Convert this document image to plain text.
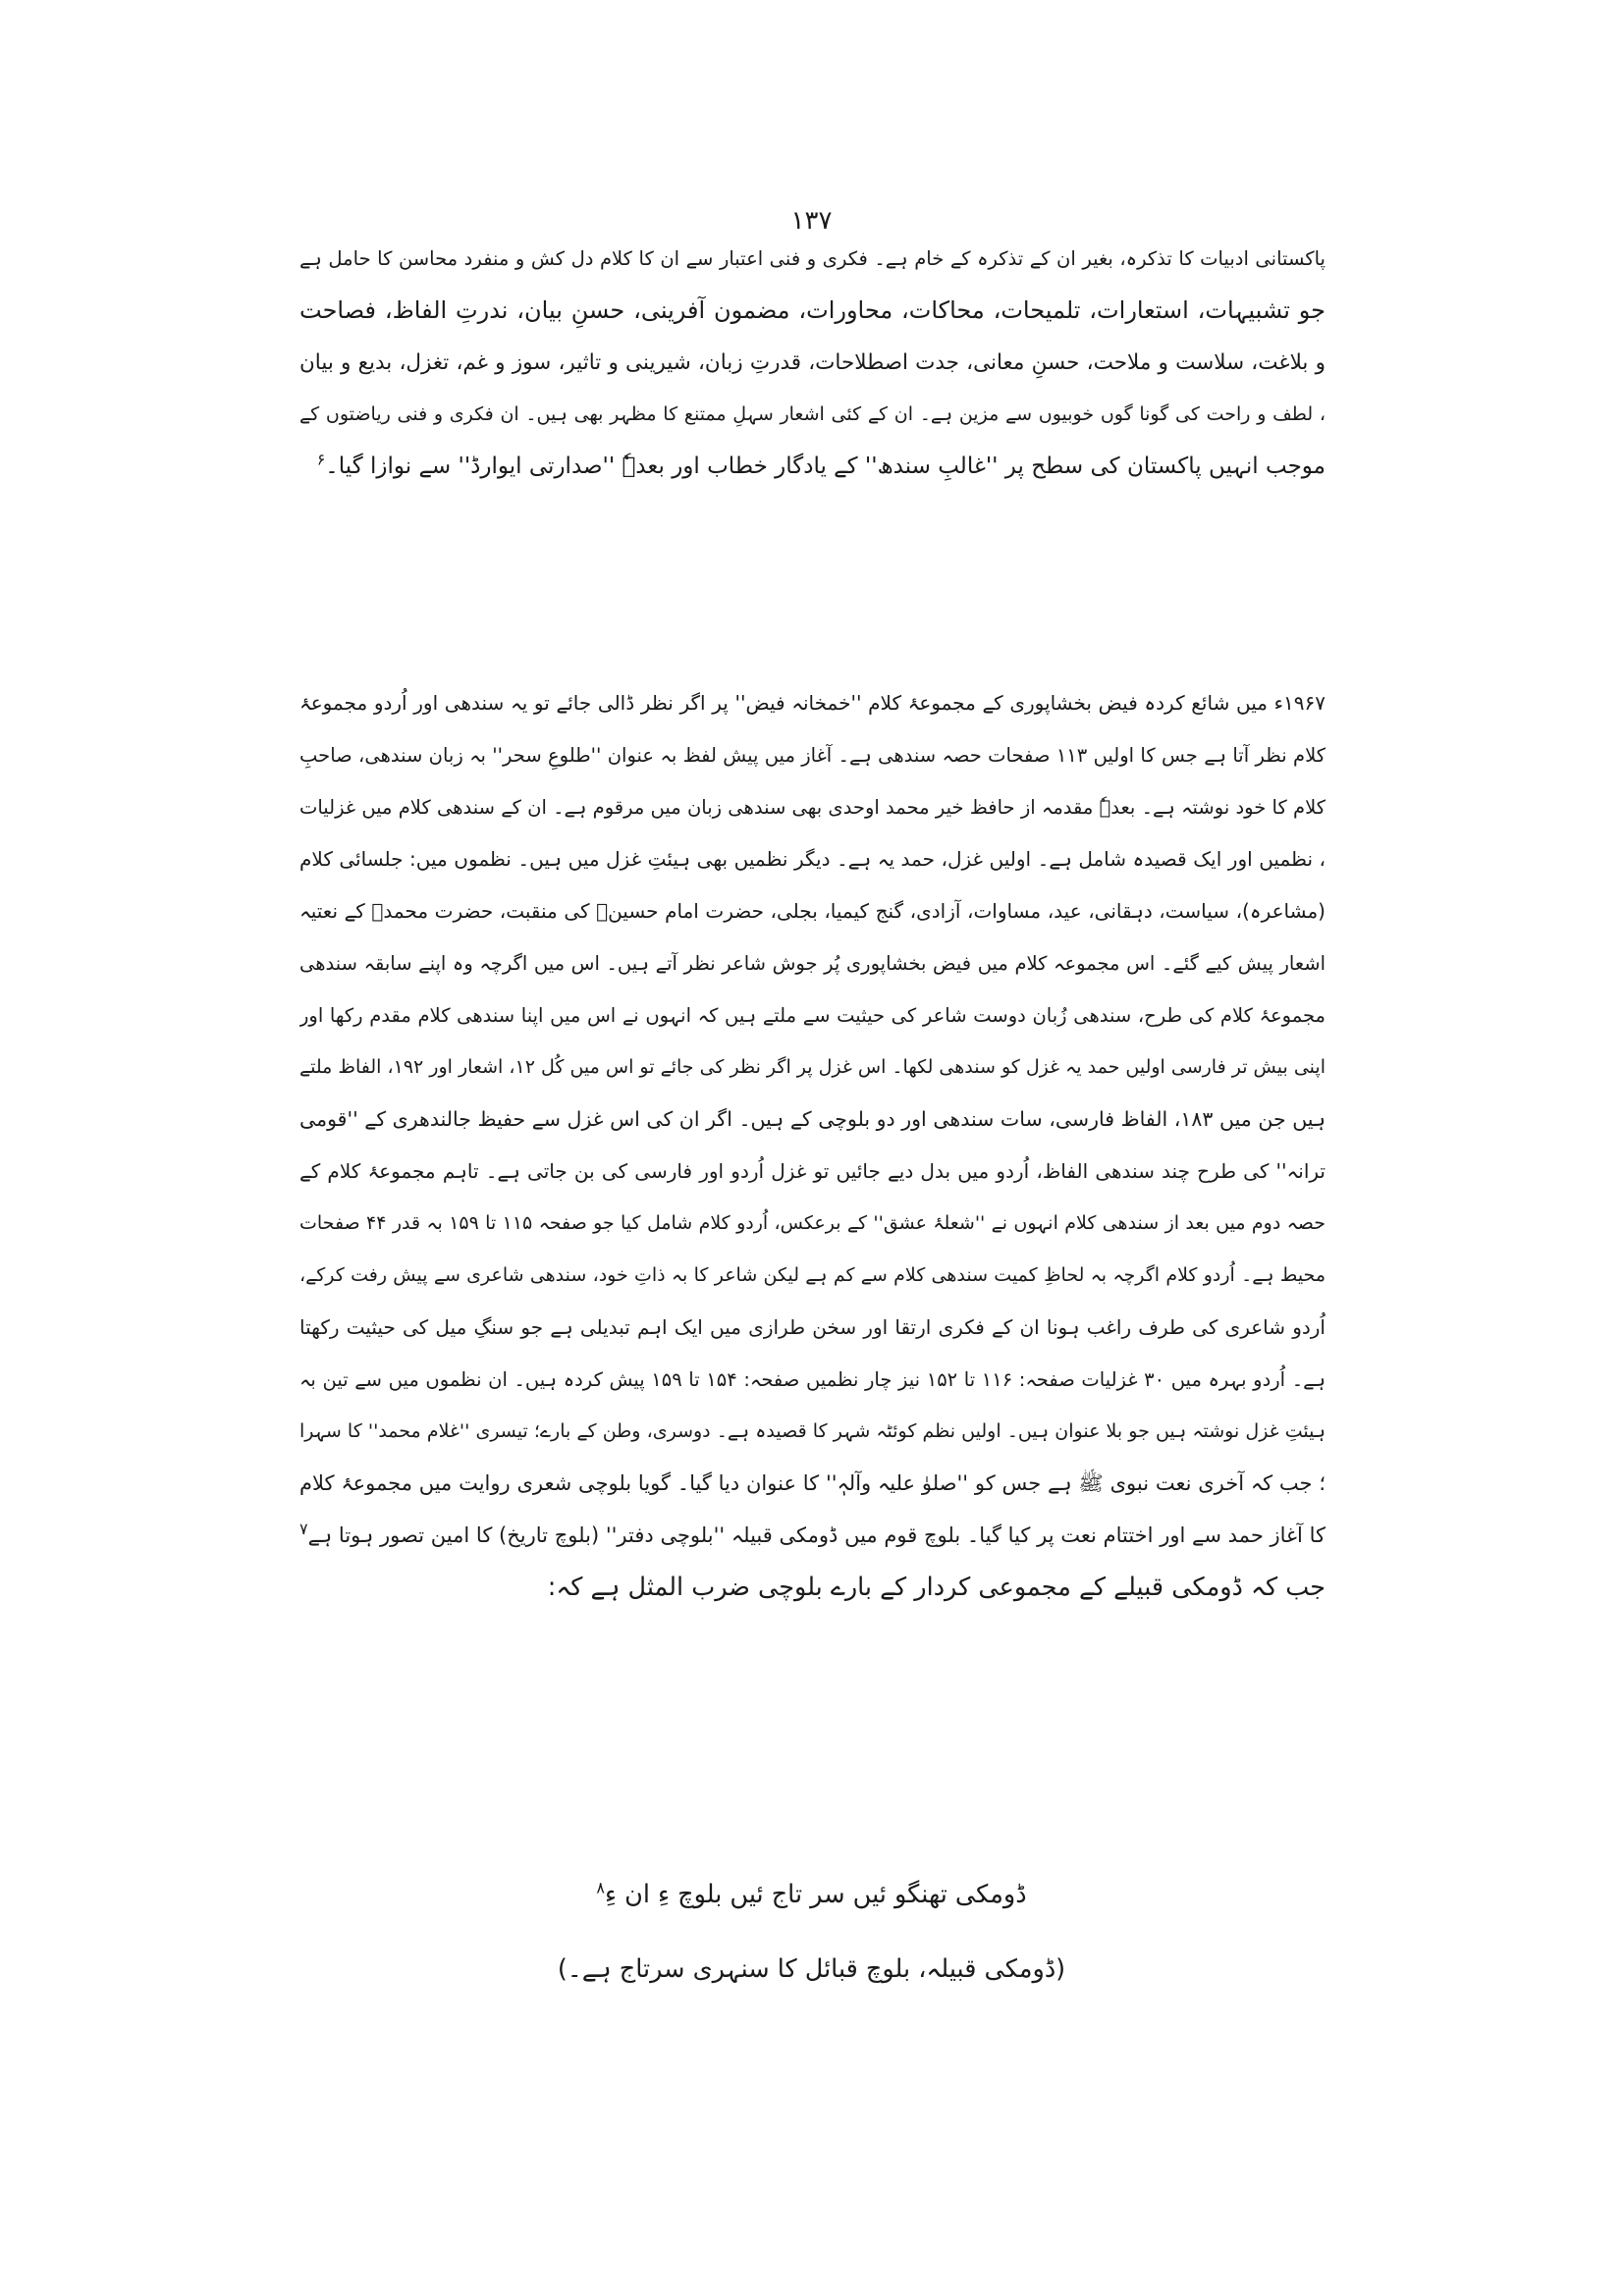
۱۳۷
پاکستانی ادبیات کا تذکرہ، بغیر ان کے تذکرہ کے خام ہے۔ فکری و فنی اعتبار سے ان کا کلام دل کش و منفرد محاسن کا حامل ہے
جو تشبیہات، استعارات، تلمیحات، محاکات، محاورات، مضمون آفرینی، حسنِ بیان، ندرتِ الفاظ، فصاحت
و بلاغت، سلاست و ملاحت، حسنِ معانی، جدت اصطلاحات، قدرتِ زبان، شیرینی و تاثیر، سوز و غم، تغزل، بدیع و بیان
، لطف و راحت کی گونا گوں خوبیوں سے مزین ہے۔ ان کے کئی اشعار سہلِ ممتنع کا مظہر بھی ہیں۔ ان فکری و فنی ریاضتوں کے
موجب انہیں پاکستان کی سطح پر ''غالبِ سندھ'' کے یادگار خطاب اور بعدہٗ ''صدارتی ایوارڈ'' سے نوازا گیا۔$^۶$
۱۹۶۷ء میں شائع کردہ فیض بخشاپوری کے مجموعۂ کلام ''خمخانہ فیض'' پر اگر نظر ڈالی جائے تو یہ سندھی اور اُردو مجموعۂ
کلام نظر آتا ہے جس کا اولیں ۱۱۳ صفحات حصہ سندھی ہے۔ آغاز میں پیش لفظ بہ عنوان ''طلوعِ سحر'' بہ زبان سندھی، صاحبِ
کلام کا خود نوشتہ ہے۔ بعدہٗ مقدمہ از حافظ خیر محمد اوحدی بھی سندھی زبان میں مرقوم ہے۔ ان کے سندھی کلام میں غزلیات
، نظمیں اور ایک قصیدہ شامل ہے۔ اولیں غزل، حمد یہ ہے۔ دیگر نظمیں بھی ہیئتِ غزل میں ہیں۔ نظموں میں: جلسائی کلام
(مشاعرہ)، سیاست، دہقانی، عید، مساوات، آزادی، گنج کیمیا، بجلی، حضرت امام حسینؑ کی منقبت، حضرت محمدؐ کے نعتیہ
اشعار پیش کیے گئے۔ اس مجموعہ کلام میں فیض بخشاپوری پُر جوش شاعر نظر آتے ہیں۔ اس میں اگرچہ وہ اپنے سابقہ سندھی
مجموعۂ کلام کی طرح، سندھی زُبان دوست شاعر کی حیثیت سے ملتے ہیں کہ انہوں نے اس میں اپنا سندھی کلام مقدم رکھا اور
اپنی بیش تر فارسی اولیں حمد یہ غزل کو سندھی لکھا۔ اس غزل پر اگر نظر کی جائے تو اس میں کُل ۱۲، اشعار اور ۱۹۲، الفاظ ملتے
ہیں جن میں ۱۸۳، الفاظ فارسی، سات سندھی اور دو بلوچی کے ہیں۔ اگر ان کی اس غزل سے حفیظ جالندھری کے ''قومی
ترانہ'' کی طرح چند سندھی الفاظ، اُردو میں بدل دیے جائیں تو غزل اُردو اور فارسی کی بن جاتی ہے۔ تاہم مجموعۂ کلام کے
حصہ دوم میں بعد از سندھی کلام انہوں نے ''شعلۂ عشق'' کے برعکس، اُردو کلام شامل کیا جو صفحہ ۱۱۵ تا ۱۵۹ بہ قدر ۴۴ صفحات
محیط ہے۔ اُردو کلام اگرچہ بہ لحاظِ کمیت سندھی کلام سے کم ہے لیکن شاعر کا بہ ذاتِ خود، سندھی شاعری سے پیش رفت کرکے،
اُردو شاعری کی طرف راغب ہونا ان کے فکری ارتقا اور سخن طرازی میں ایک اہم تبدیلی ہے جو سنگِ میل کی حیثیت رکھتا
ہے۔ اُردو بہرہ میں ۳۰ غزلیات صفحہ: ۱۱۶ تا ۱۵۲ نیز چار نظمیں صفحہ: ۱۵۴ تا ۱۵۹ پیش کردہ ہیں۔ ان نظموں میں سے تین بہ
ہیئتِ غزل نوشتہ ہیں جو بلا عنوان ہیں۔ اولیں نظم کوئٹہ شہر کا قصیدہ ہے۔ دوسری، وطن کے بارے؛ تیسری ''غلام محمد'' کا سہرا
؛ جب کہ آخری نعت نبوی ﷺ ہے جس کو ''صلوٰ علیہ وآلہٖ'' کا عنوان دیا گیا۔ گویا بلوچی شعری روایت میں مجموعۂ کلام
کا آغاز حمد سے اور اختتام نعت پر کیا گیا۔ بلوچ قوم میں ڈومکی قبیلہ ''بلوچی دفتر'' (بلوچ تاریخ) کا امین تصور ہوتا ہے$^۷$
جب کہ ڈومکی قبیلے کے مجموعی کردار کے بارے بلوچی ضرب المثل ہے کہ:
ڈومکی تھنگو ئیں سر تاج ئیں بلوچ ءِ ان ءِ$^۸$
(ڈومکی قبیلہ، بلوچ قبائل کا سنہری سرتاج ہے۔)
